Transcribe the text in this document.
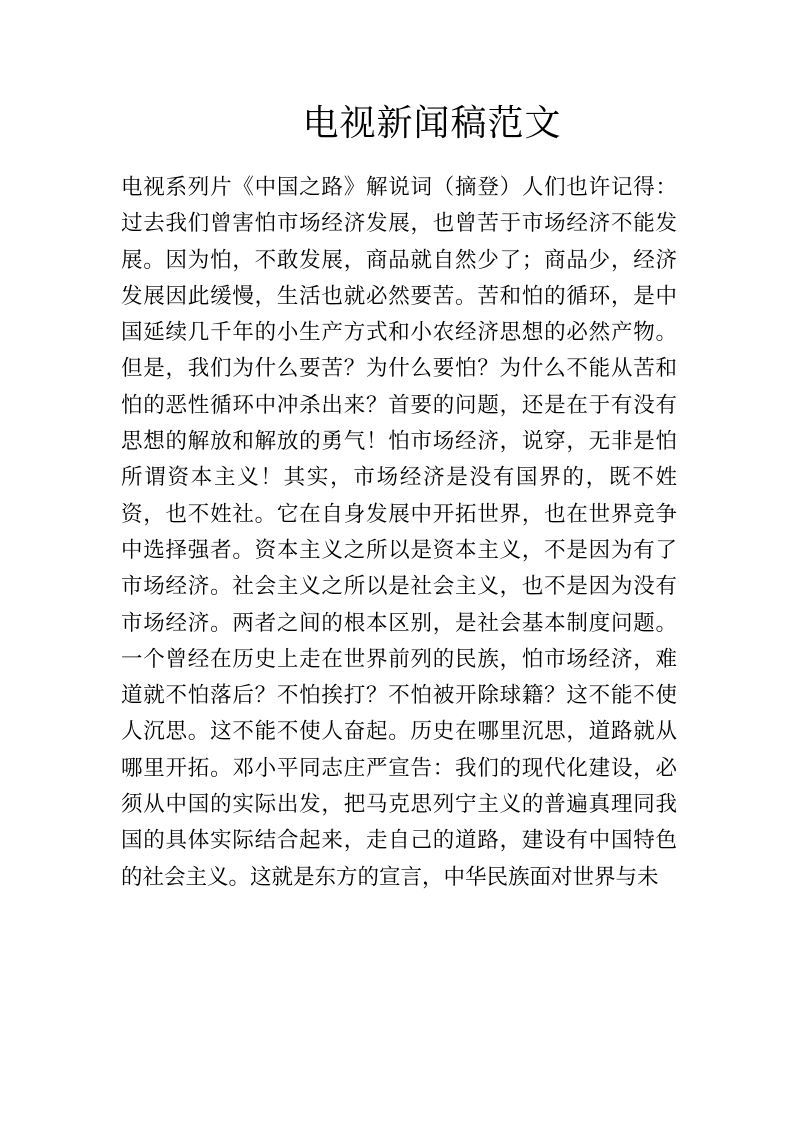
电视新闻稿范文
电视系列片《中国之路》解说词（摘登）人们也许记得：
过去我们曾害怕市场经济发展，也曾苦于市场经济不能发
展。因为怕，不敢发展，商品就自然少了；商品少，经济
发展因此缓慢，生活也就必然要苦。苦和怕的循环，是中
国延续几千年的小生产方式和小农经济思想的必然产物。
但是，我们为什么要苦？为什么要怕？为什么不能从苦和
怕的恶性循环中冲杀出来？首要的问题，还是在于有没有
思想的解放和解放的勇气！怕市场经济，说穿，无非是怕
所谓资本主义！其实，市场经济是没有国界的，既不姓
资，也不姓社。它在自身发展中开拓世界，也在世界竞争
中选择强者。资本主义之所以是资本主义，不是因为有了
市场经济。社会主义之所以是社会主义，也不是因为没有
市场经济。两者之间的根本区别，是社会基本制度问题。
一个曾经在历史上走在世界前列的民族，怕市场经济，难
道就不怕落后？不怕挨打？不怕被开除球籍？这不能不使
人沉思。这不能不使人奋起。历史在哪里沉思，道路就从
哪里开拓。邓小平同志庄严宣告：我们的现代化建设，必
须从中国的实际出发，把马克思列宁主义的普遍真理同我
国的具体实际结合起来，走自己的道路，建设有中国特色
的社会主义。这就是东方的宣言，中华民族面对世界与未
